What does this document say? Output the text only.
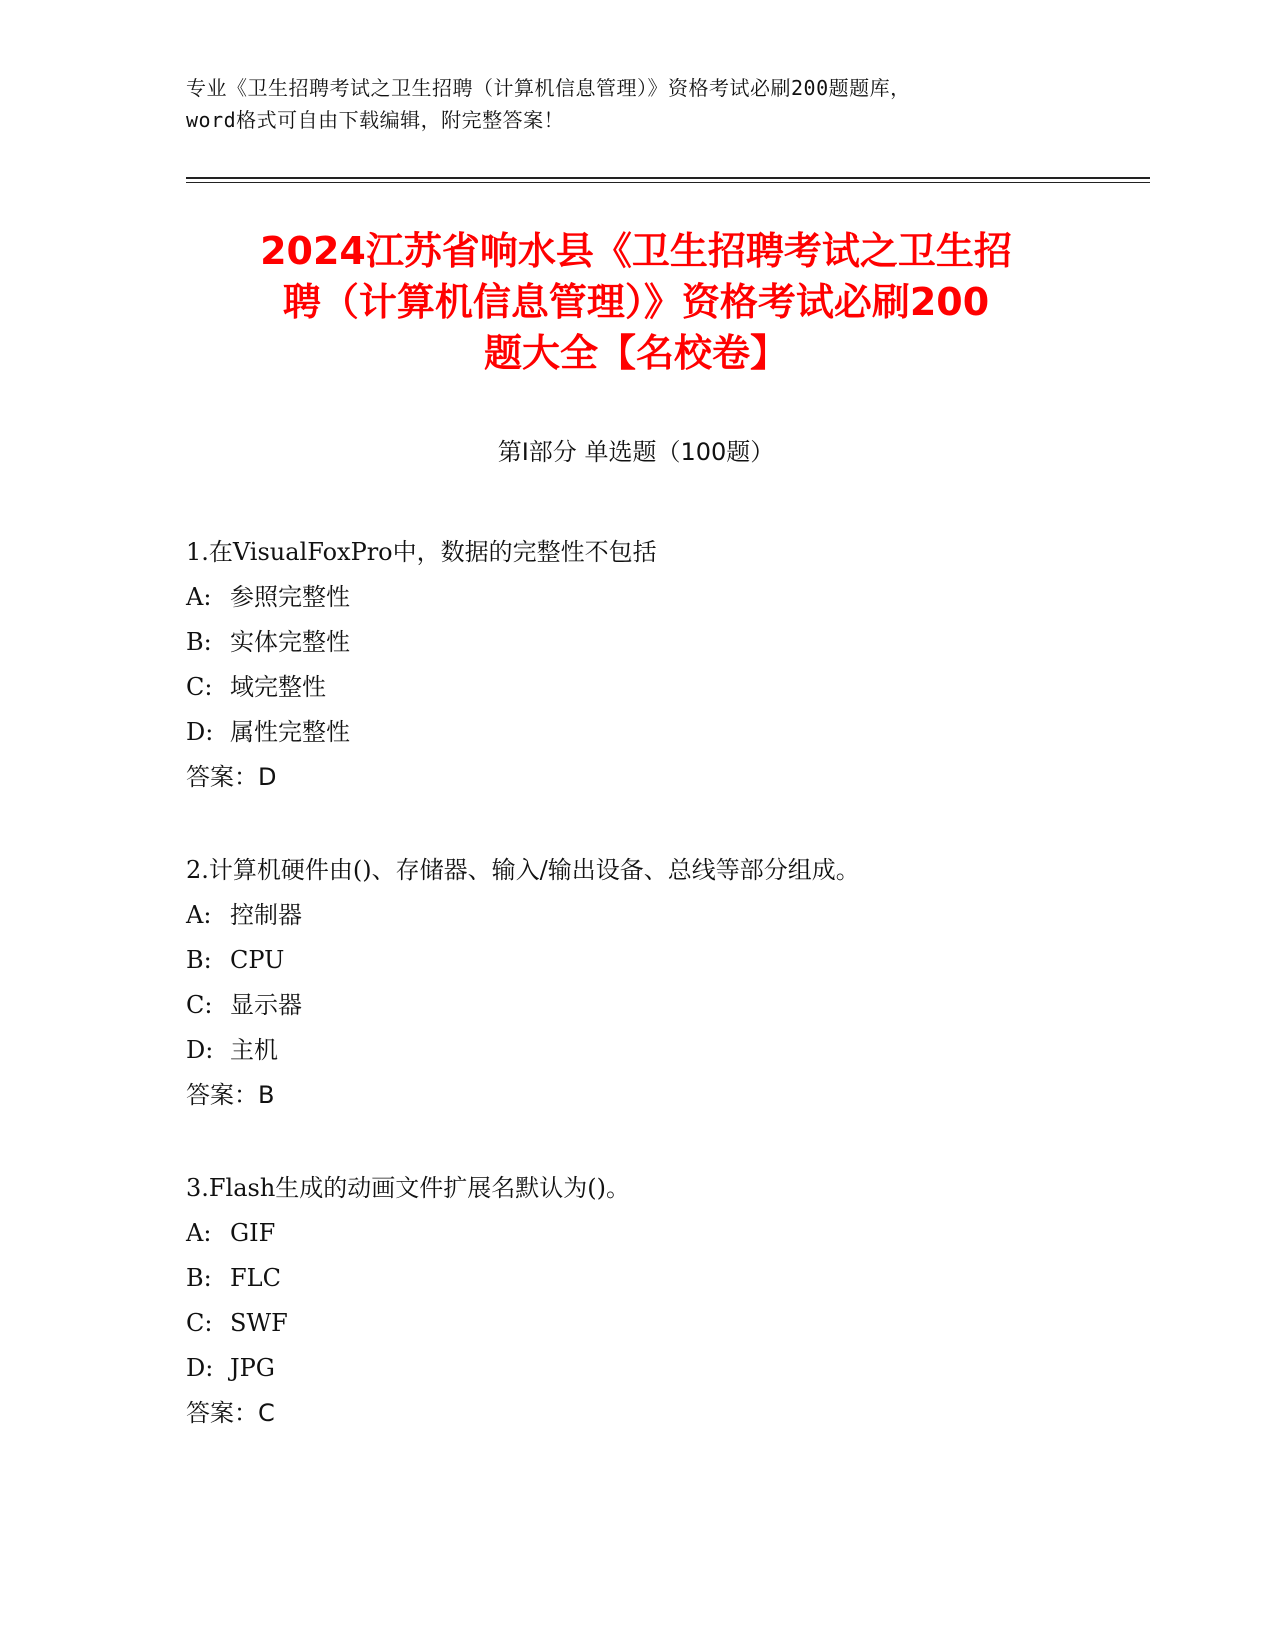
专业《卫生招聘考试之卫生招聘（计算机信息管理）》资格考试必刷200题题库，
word格式可自由下载编辑，附完整答案！
2024江苏省响水县《卫生招聘考试之卫生招
聘（计算机信息管理）》资格考试必刷200
题大全【名校卷】
第Ⅰ部分 单选题（100题）
1.在VisualFoxPro中，数据的完整性不包括
A: 参照完整性
B: 实体完整性
C: 域完整性
D: 属性完整性
答案：D
2.计算机硬件由()、存储器、输入/输出设备、总线等部分组成。
A: 控制器
B: CPU
C: 显示器
D: 主机
答案：B
3.Flash生成的动画文件扩展名默认为()。
A: GIF
B: FLC
C: SWF
D: JPG
答案：C
